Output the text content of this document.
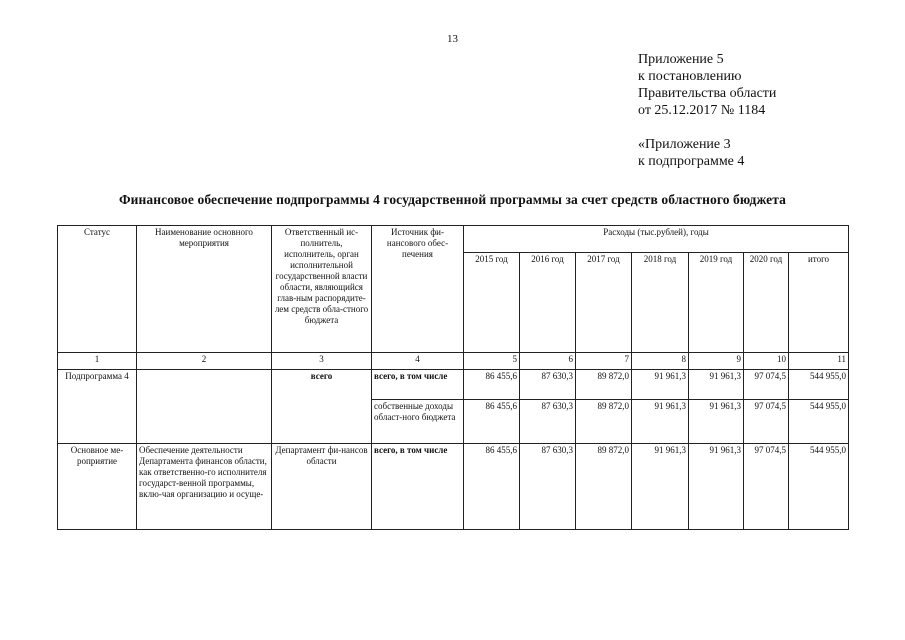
13
Приложение 5
к постановлению
Правительства области
от 25.12.2017 № 1184
«Приложение 3
к подпрограмме 4
Финансовое обеспечение подпрограммы 4 государственной программы за счет средств областного бюджета
Статус	Наименование основного мероприятия	Ответственный ис-полнитель, исполнитель, орган исполнительной государственной власти области, являющийся глав-ным распорядите-лем средств обла-стного бюджета	Источник фи-нансового обес-печения	Расходы (тыс.рублей), годы						
				2015 год	2016 год	2017 год	2018 год	2019 год	2020 год	итого
1	2	3	4	5	6	7	8	9	10	11
Подпрограмма 4		всего	всего, в том числе	86 455,6	87 630,3	89 872,0	91 961,3	91 961,3	97 074,5	544 955,0
			собственные доходы област-ного бюджета	86 455,6	87 630,3	89 872,0	91 961,3	91 961,3	97 074,5	544 955,0
Основное ме-роприятие	Обеспечение деятельности Департамента финансов области, как ответственно-го исполнителя государст-венной программы, вклю-чая организацию и осуще-	Департамент фи-нансов области	всего, в том числе	86 455,6	87 630,3	89 872,0	91 961,3	91 961,3	97 074,5	544 955,0
